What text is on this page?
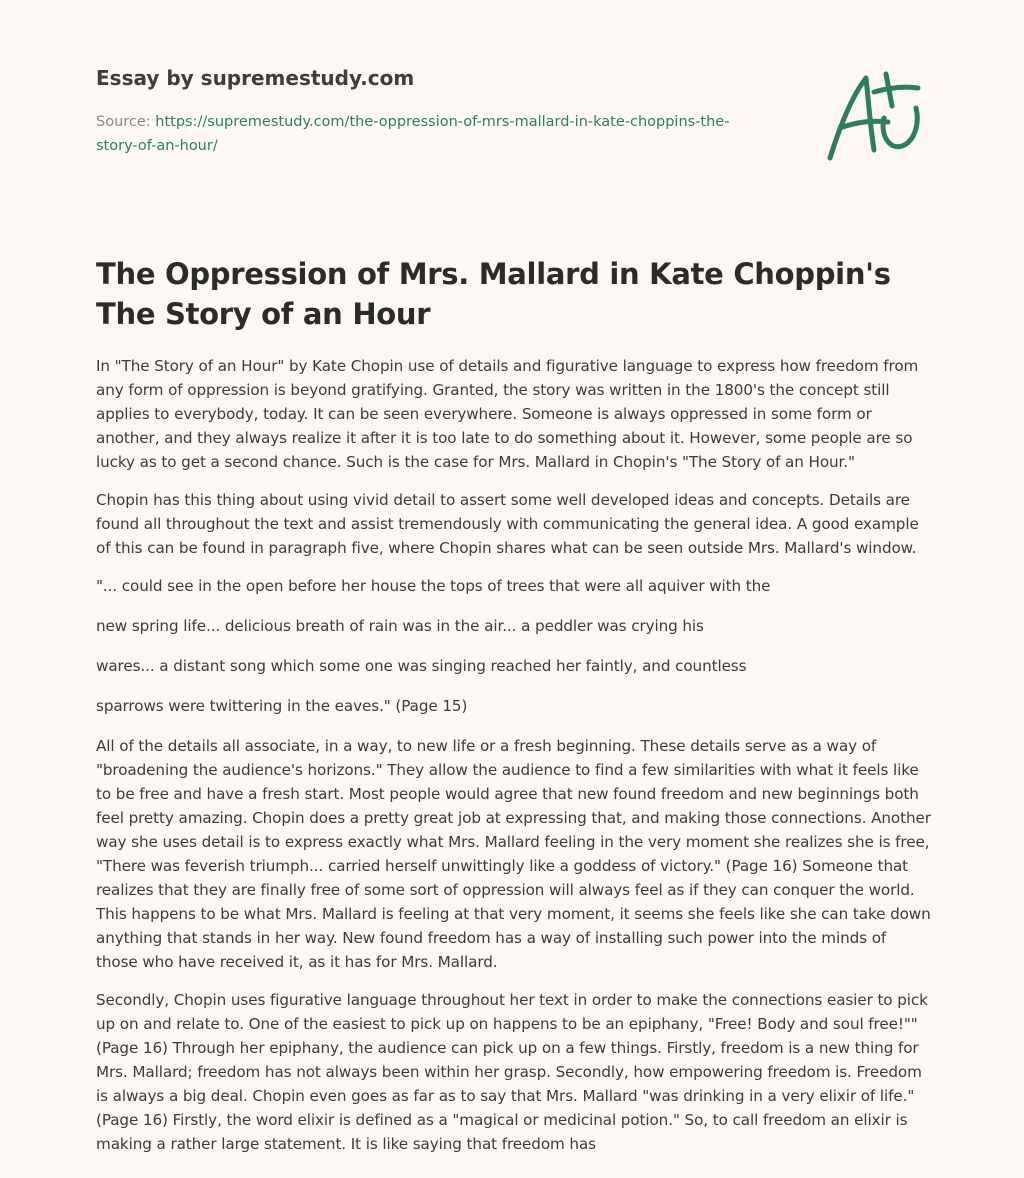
Essay by supremestudy.com
Source: https://supremestudy.com/the-oppression-of-mrs-mallard-in-kate-choppins-the-
story-of-an-hour/
The Oppression of Mrs. Mallard in Kate Choppin's The Story of an Hour

In "The Story of an Hour" by Kate Chopin use of details and figurative language to express how freedom from any form of oppression is beyond gratifying. Granted, the story was written in the 1800's the concept still applies to everybody, today. It can be seen everywhere. Someone is always oppressed in some form or another, and they always realize it after it is too late to do something about it. However, some people are so lucky as to get a second chance. Such is the case for Mrs. Mallard in Chopin's "The Story of an Hour."

Chopin has this thing about using vivid detail to assert some well developed ideas and concepts. Details are found all throughout the text and assist tremendously with communicating the general idea. A good example of this can be found in paragraph five, where Chopin shares what can be seen outside Mrs. Mallard's window.

"... could see in the open before her house the tops of trees that were all aquiver with the

new spring life... delicious breath of rain was in the air... a peddler was crying his

wares... a distant song which some one was singing reached her faintly, and countless

sparrows were twittering in the eaves." (Page 15)

All of the details all associate, in a way, to new life or a fresh beginning. These details serve as a way of "broadening the audience's horizons." They allow the audience to find a few similarities with what it feels like to be free and have a fresh start. Most people would agree that new found freedom and new beginnings both feel pretty amazing. Chopin does a pretty great job at expressing that, and making those connections. Another way she uses detail is to express exactly what Mrs. Mallard feeling in the very moment she realizes she is free, "There was feverish triumph... carried herself unwittingly like a goddess of victory." (Page 16) Someone that realizes that they are finally free of some sort of oppression will always feel as if they can conquer the world. This happens to be what Mrs. Mallard is feeling at that very moment, it seems she feels like she can take down anything that stands in her way. New found freedom has a way of installing such power into the minds of those who have received it, as it has for Mrs. Mallard.

Secondly, Chopin uses figurative language throughout her text in order to make the connections easier to pick up on and relate to. One of the easiest to pick up on happens to be an epiphany, "Free! Body and soul free!"" (Page 16) Through her epiphany, the audience can pick up on a few things. Firstly, freedom is a new thing for Mrs. Mallard; freedom has not always been within her grasp. Secondly, how empowering freedom is. Freedom is always a big deal. Chopin even goes as far as to say that Mrs. Mallard "was drinking in a very elixir of life." (Page 16) Firstly, the word elixir is defined as a "magical or medicinal potion." So, to call freedom an elixir is making a rather large statement. It is like saying that freedom has
